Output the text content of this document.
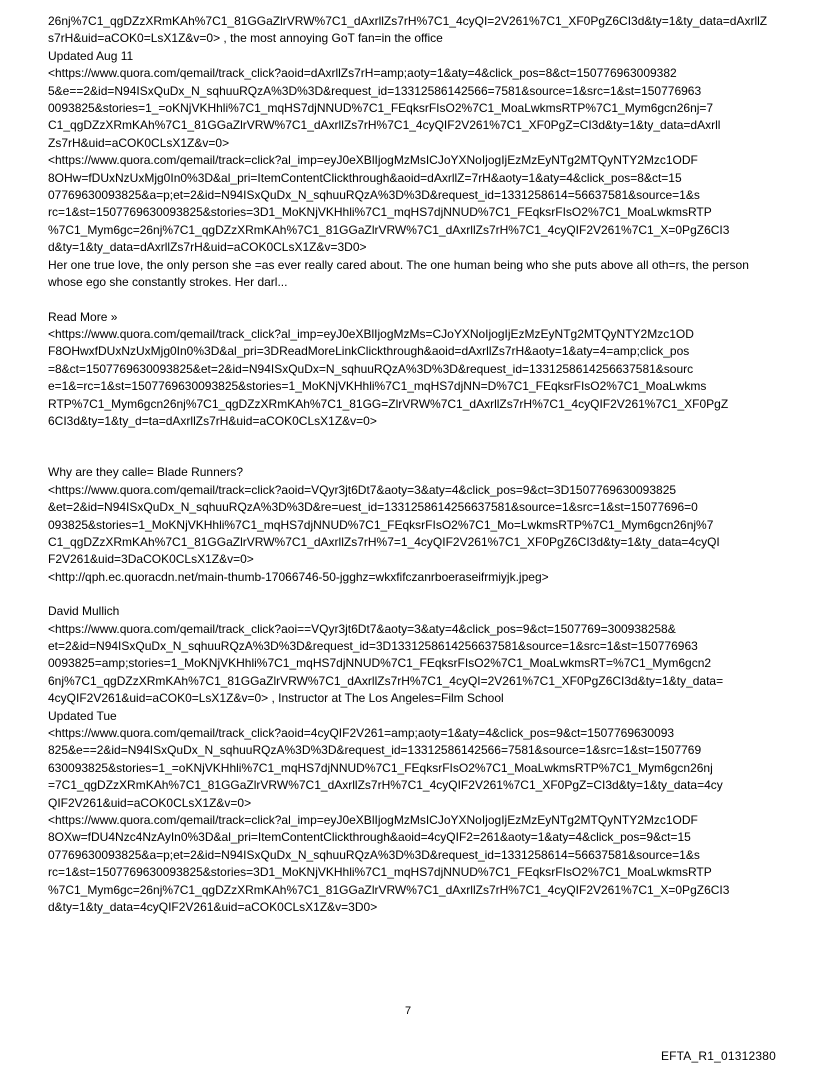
26nj%7C1_qgDZzXRmKAh%7C1_81GGaZlrVRW%7C1_dAxrllZs7rH%7C1_4cyQI=2V261%7C1_XF0PgZ6CI3d&ty=1&ty_data=dAxrllZs7rH&uid=aCOK0=LsX1Z&v=0> , the most annoying GoT fan=in the office

Updated Aug 11

<https://www.quora.com/qemail/track_click?aoid=dAxrllZs7rH=amp;aoty=1&aty=4&click_pos=8&ct=150776963009382
5&e==2&id=N94ISxQuDx_N_sqhuuRQzA%3D%3D&request_id=13312586142566=7581&source=1&src=1&st=150776963
0093825&stories=1_=oKNjVKHhli%7C1_mqHS7djNNUD%7C1_FEqksrFIsO2%7C1_MoaLwkmsRTP%7C1_Mym6gcn26nj=7
C1_qgDZzXRmKAh%7C1_81GGaZlrVRW%7C1_dAxrllZs7rH%7C1_4cyQIF2V261%7C1_XF0PgZ=CI3d&ty=1&ty_data=dAxrll
Zs7rH&uid=aCOK0CLsX1Z&v=0>

<https://www.quora.com/qemail/track=click?al_imp=eyJ0eXBlIjogMzMsICJoYXNoIjogIjEzMzEyNTg2MTQyNTY2Mzc1ODF
8OHw=fDUxNzUxMjg0In0%3D&al_pri=ItemContentClickthrough&aoid=dAxrllZ=7rH&aoty=1&aty=4&click_pos=8&ct=15
07769630093825&a=p;et=2&id=N94ISxQuDx_N_sqhuuRQzA%3D%3D&request_id=1331258614=56637581&source=1&s
rc=1&st=1507769630093825&stories=3D1_MoKNjVKHhli%7C1_mqHS7djNNUD%7C1_FEqksrFIsO2%7C1_MoaLwkmsRTP
%7C1_Mym6gc=26nj%7C1_qgDZzXRmKAh%7C1_81GGaZlrVRW%7C1_dAxrllZs7rH%7C1_4cyQIF2V261%7C1_X=0PgZ6CI3
d&ty=1&ty_data=dAxrllZs7rH&uid=aCOK0CLsX1Z&v=3D0>

Her one true love, the only person she =as ever really cared about. The one human being who she puts above all oth=rs, the person whose ego she constantly strokes. Her darl...

Read More »

<https://www.quora.com/qemail/track_click?al_imp=eyJ0eXBlIjogMzMs=CJoYXNoIjogIjEzMzEyNTg2MTQyNTY2Mzc1OD
F8OHwxfDUxNzUxMjg0In0%3D&al_pri=3DReadMoreLinkClickthrough&aoid=dAxrllZs7rH&aoty=1&aty=4=amp;click_pos
=8&ct=1507769630093825&et=2&id=N94ISxQuDx=N_sqhuuRQzA%3D%3D&request_id=1331258614256637581&sourc
e=1&=rc=1&st=1507769630093825&stories=1_MoKNjVKHhli%7C1_mqHS7djNN=D%7C1_FEqksrFIsO2%7C1_MoaLwkms
RTP%7C1_Mym6gcn26nj%7C1_qgDZzXRmKAh%7C1_81GG=ZlrVRW%7C1_dAxrllZs7rH%7C1_4cyQIF2V261%7C1_XF0PgZ
6CI3d&ty=1&ty_d=ta=dAxrllZs7rH&uid=aCOK0CLsX1Z&v=0>

Why are they calle= Blade Runners?

<https://www.quora.com/qemail/track=click?aoid=VQyr3jt6Dt7&aoty=3&aty=4&click_pos=9&ct=3D1507769630093825
&et=2&id=N94ISxQuDx_N_sqhuuRQzA%3D%3D&re=uest_id=1331258614256637581&source=1&src=1&st=15077696=0
093825&stories=1_MoKNjVKHhli%7C1_mqHS7djNNUD%7C1_FEqksrFIsO2%7C1_Mo=LwkmsRTP%7C1_Mym6gcn26nj%7
C1_qgDZzXRmKAh%7C1_81GGaZlrVRW%7C1_dAxrllZs7rH%7=1_4cyQIF2V261%7C1_XF0PgZ6CI3d&ty=1&ty_data=4cyQI
F2V261&uid=3DaCOK0CLsX1Z&v=0>

<http://qph.ec.quoracdn.net/main-thumb-17066746-50-jgghz=wkxfifczanrboeraseifrmiyjk.jpeg>

David Mullich

<https://www.quora.com/qemail/track_click?aoi==VQyr3jt6Dt7&aoty=3&aty=4&click_pos=9&ct=1507769=300938258&
et=2&id=N94ISxQuDx_N_sqhuuRQzA%3D%3D&request_id=3D1331258614256637581&source=1&src=1&st=150776963
0093825=amp;stories=1_MoKNjVKHhli%7C1_mqHS7djNNUD%7C1_FEqksrFIsO2%7C1_MoaLwkmsRT=%7C1_Mym6gcn2
6nj%7C1_qgDZzXRmKAh%7C1_81GGaZlrVRW%7C1_dAxrllZs7rH%7C1_4cyQI=2V261%7C1_XF0PgZ6CI3d&ty=1&ty_data=
4cyQIF2V261&uid=aCOK0=LsX1Z&v=0> , Instructor at The Los Angeles=Film School

Updated Tue

<https://www.quora.com/qemail/track_click?aoid=4cyQIF2V261=amp;aoty=1&aty=4&click_pos=9&ct=1507769630093
825&e==2&id=N94ISxQuDx_N_sqhuuRQzA%3D%3D&request_id=13312586142566=7581&source=1&src=1&st=1507769
630093825&stories=1_=oKNjVKHhli%7C1_mqHS7djNNUD%7C1_FEqksrFIsO2%7C1_MoaLwkmsRTP%7C1_Mym6gcn26nj
=7C1_qgDZzXRmKAh%7C1_81GGaZlrVRW%7C1_dAxrllZs7rH%7C1_4cyQIF2V261%7C1_XF0PgZ=CI3d&ty=1&ty_data=4cy
QIF2V261&uid=aCOK0CLsX1Z&v=0>

<https://www.quora.com/qemail/track=click?al_imp=eyJ0eXBlIjogMzMsICJoYXNoIjogIjEzMzEyNTg2MTQyNTY2Mzc1ODF
8OXw=fDU4Nzc4NzAyIn0%3D&al_pri=ItemContentClickthrough&aoid=4cyQIF2=261&aoty=1&aty=4&click_pos=9&ct=15
07769630093825&a=p;et=2&id=N94ISxQuDx_N_sqhuuRQzA%3D%3D&request_id=1331258614=56637581&source=1&s
rc=1&st=1507769630093825&stories=3D1_MoKNjVKHhli%7C1_mqHS7djNNUD%7C1_FEqksrFIsO2%7C1_MoaLwkmsRTP
%7C1_Mym6gc=26nj%7C1_qgDZzXRmKAh%7C1_81GGaZlrVRW%7C1_dAxrllZs7rH%7C1_4cyQIF2V261%7C1_X=0PgZ6CI3
d&ty=1&ty_data=4cyQIF2V261&uid=aCOK0CLsX1Z&v=3D0>

7
EFTA_R1_01312380
